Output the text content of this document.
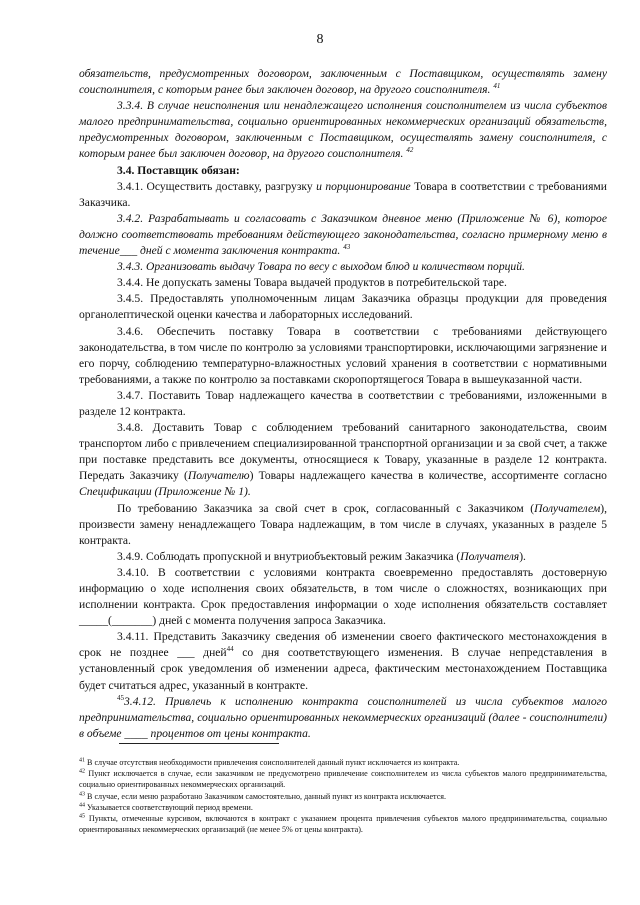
8

обязательств, предусмотренных договором, заключенным с Поставщиком, осуществлять замену соисполнителя, с которым ранее был заключен договор, на другого соисполнителя. $^{41}$

3.3.4. В случае неисполнения или ненадлежащего исполнения соисполнителем из числа субъектов малого предпринимательства, социально ориентированных некоммерческих организаций обязательств, предусмотренных договором, заключенным с Поставщиком, осуществлять замену соисполнителя, с которым ранее был заключен договор, на другого соисполнителя. $^{42}$

3.4. Поставщик обязан:

3.4.1. Осуществить доставку, разгрузку и порционирование Товара в соответствии с требованиями Заказчика.

3.4.2. Разрабатывать и согласовать с Заказчиком дневное меню (Приложение № 6), которое должно соответствовать требованиям действующего законодательства, согласно примерному меню в течение___ дней с момента заключения контракта. $^{43}$

3.4.3. Организовать выдачу Товара по весу с выходом блюд и количеством порций.

3.4.4. Не допускать замены Товара выдачей продуктов в потребительской таре.

3.4.5. Предоставлять уполномоченным лицам Заказчика образцы продукции для проведения органолептической оценки качества и лабораторных исследований.

3.4.6. Обеспечить поставку Товара в соответствии с требованиями действующего законодательства, в том числе по контролю за условиями транспортировки, исключающими загрязнение и его порчу, соблюдению температурно-влажностных условий хранения в соответствии с нормативными требованиями, а также по контролю за поставками скоропортящегося Товара в вышеуказанной части.

3.4.7. Поставить Товар надлежащего качества в соответствии с требованиями, изложенными в разделе 12 контракта.

3.4.8. Доставить Товар с соблюдением требований санитарного законодательства, своим транспортом либо с привлечением специализированной транспортной организации и за свой счет, а также при поставке представить все документы, относящиеся к Товару, указанные в разделе 12 контракта. Передать Заказчику (Получателю) Товары надлежащего качества в количестве, ассортименте согласно Спецификации (Приложение № 1).

По требованию Заказчика за свой счет в срок, согласованный с Заказчиком (Получателем), произвести замену ненадлежащего Товара надлежащим, в том числе в случаях, указанных в разделе 5 контракта.

3.4.9. Соблюдать пропускной и внутриобъектовый режим Заказчика (Получателя).

3.4.10. В соответствии с условиями контракта своевременно предоставлять достоверную информацию о ходе исполнения своих обязательств, в том числе о сложностях, возникающих при исполнении контракта. Срок предоставления информации о ходе исполнения обязательств составляет _____(_______) дней с момента получения запроса Заказчика.

3.4.11. Представить Заказчику сведения об изменении своего фактического местонахождения в срок не позднее ___ дней$^{44}$ со дня соответствующего изменения. В случае непредставления в установленный срок уведомления об изменении адреса, фактическим местонахождением Поставщика будет считаться адрес, указанный в контракте.

$^{45}$3.4.12. Привлечь к исполнению контракта соисполнителей из числа субъектов малого предпринимательства, социально ориентированных некоммерческих организаций (далее - соисполнители) в объеме ____ процентов от цены контракта.

$^{41}$ В случае отсутствия необходимости привлечения соисполнителей данный пункт исключается из контракта.

$^{42}$ Пункт исключается в случае, если заказчиком не предусмотрено привлечение соисполнителем из числа субъектов малого предпринимательства, социально ориентированных некоммерческих организаций.

$^{43}$ В случае, если меню разработано Заказчиком самостоятельно, данный пункт из контракта исключается.

$^{44}$ Указывается соответствующий период времени.

$^{45}$ Пункты, отмеченные курсивом, включаются в контракт с указанием процента привлечения субъектов малого предпринимательства, социально ориентированных некоммерческих организаций (не менее 5% от цены контракта).
